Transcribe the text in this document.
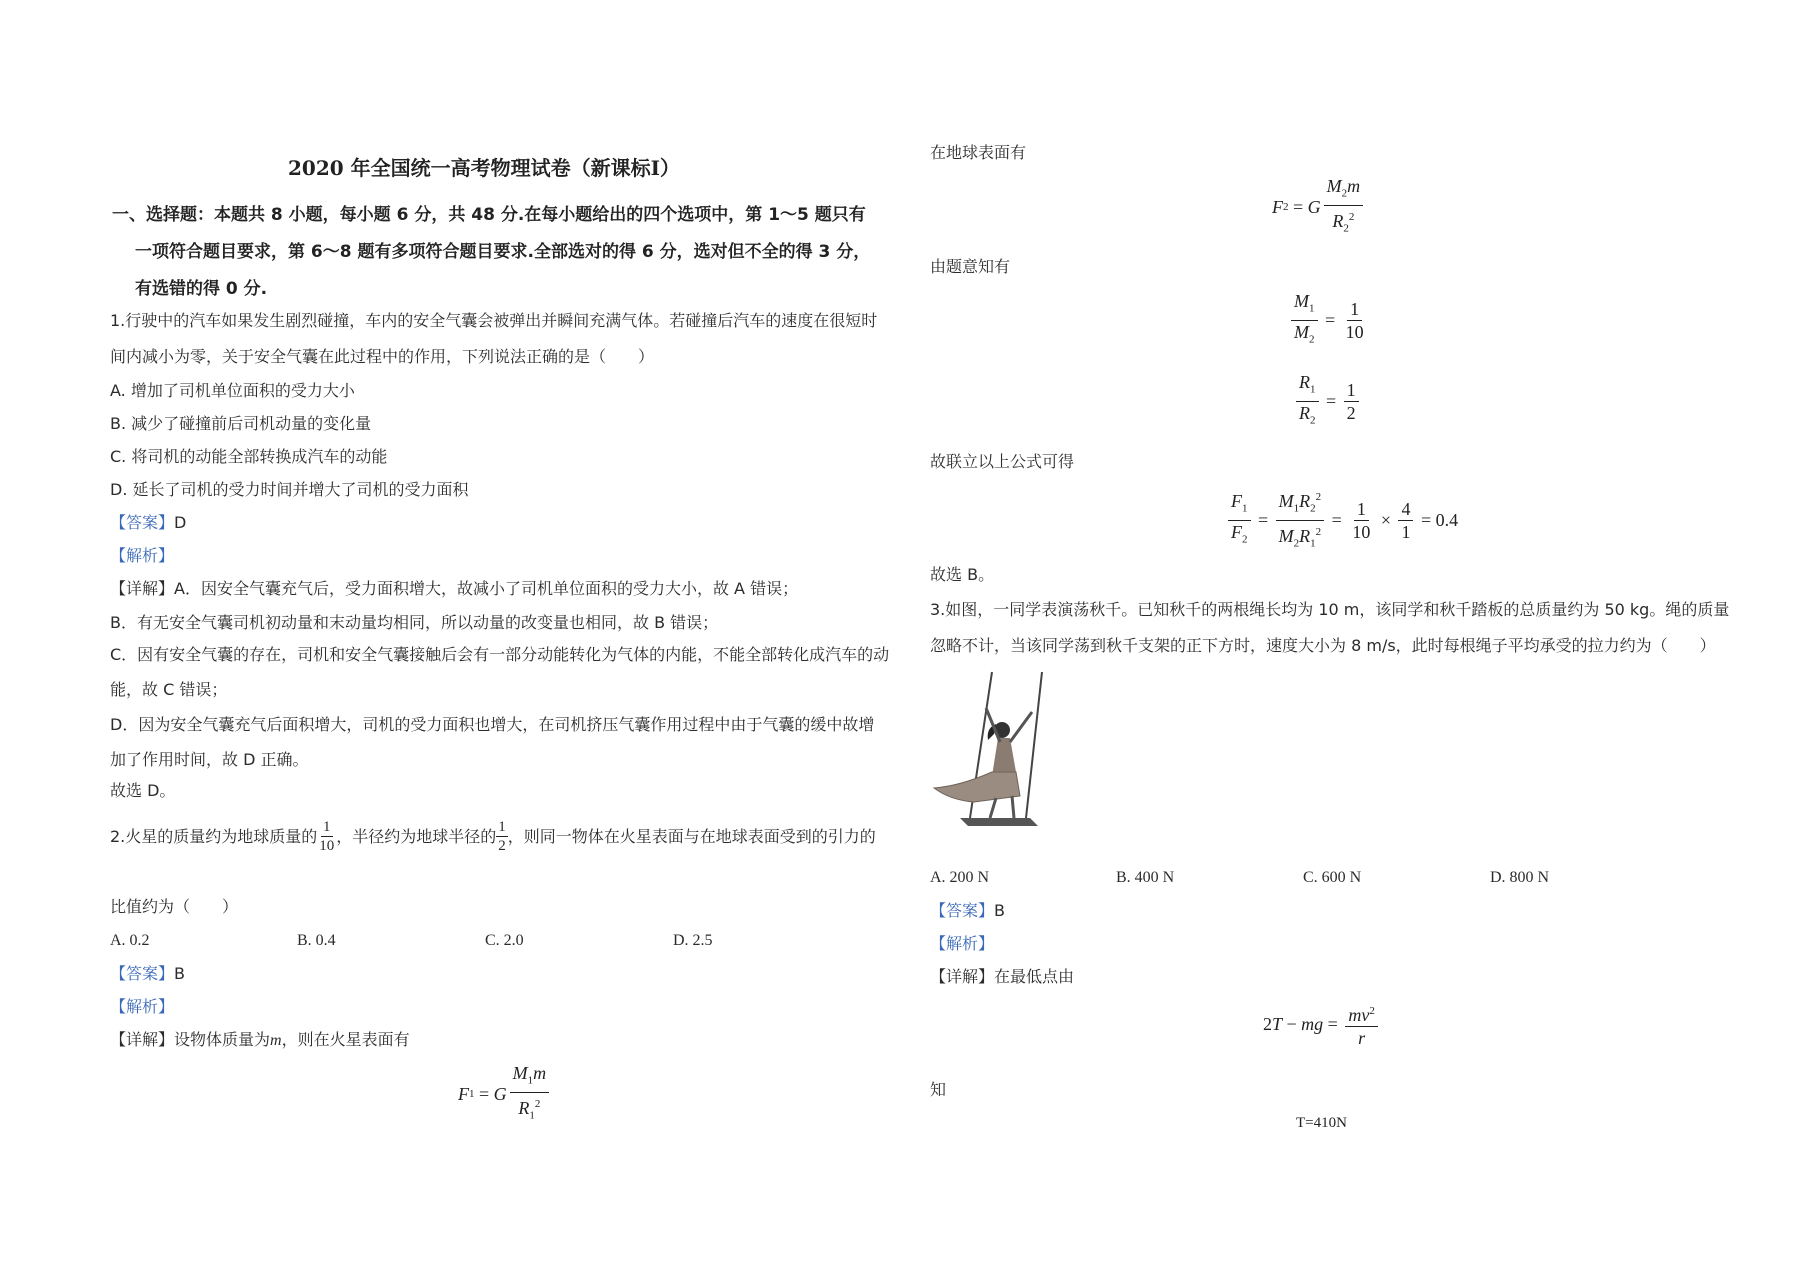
2020 年全国统一高考物理试卷（新课标I）
一、选择题：本题共 8 小题，每小题 6 分，共 48 分.在每小题给出的四个选项中，第 1～5 题只有
一项符合题目要求，第 6～8 题有多项符合题目要求.全部选对的得 6 分，选对但不全的得 3 分，
有选错的得 0 分.
1.行驶中的汽车如果发生剧烈碰撞，车内的安全气囊会被弹出并瞬间充满气体。若碰撞后汽车的速度在很短时
间内减小为零，关于安全气囊在此过程中的作用，下列说法正确的是（　　）
A. 增加了司机单位面积的受力大小
B. 减少了碰撞前后司机动量的变化量
C. 将司机的动能全部转换成汽车的动能
D. 延长了司机的受力时间并增大了司机的受力面积
【答案】D
【解析】
【详解】A．因安全气囊充气后，受力面积增大，故减小了司机单位面积的受力大小，故 A 错误；
B．有无安全气囊司机初动量和末动量均相同，所以动量的改变量也相同，故 B 错误；
C．因有安全气囊的存在，司机和安全气囊接触后会有一部分动能转化为气体的内能，不能全部转化成汽车的动
能，故 C 错误；
D．因为安全气囊充气后面积增大，司机的受力面积也增大，在司机挤压气囊作用过程中由于气囊的缓中故增
加了作用时间，故 D 正确。
故选 D。
2.火星的质量约为地球质量的 $\frac{1}{10}$ ，半径约为地球半径的 $\frac{1}{2}$ ，则同一物体在火星表面与在地球表面受到的引力的
比值约为（　　）
A. 0.2	B. 0.4	C. 2.0	D. 2.5
【答案】B
【解析】
【详解】设物体质量为m，则在火星表面有
F 1 = G $\frac{M_1m}{R_1^2}$
在地球表面有
F 2 = G $\frac{M_2m}{R_2^2}$
由题意知有
$\frac{M_1}{M_2} = \frac{1}{10}$
$\frac{R_1}{R_2} = \frac{1}{2}$
故联立以上公式可得
$\frac{F_1}{F_2} = \frac{M_1R_2^2}{M_2R_1^2} = \frac{1}{10} \times \frac{4}{1} = 0.4$
故选 B。
3.如图，一同学表演荡秋千。已知秋千的两根绳长均为 10 m，该同学和秋千踏板的总质量约为 50 kg。绳的质量
忽略不计，当该同学荡到秋千支架的正下方时，速度大小为 8 m/s，此时每根绳子平均承受的拉力约为（　　）
A. 200 N	B. 400 N	C. 600 N	D. 800 N
【答案】B
【解析】
【详解】在最低点由
2 T − mg = $\frac{mv^2}{r}$
知
T=410N
